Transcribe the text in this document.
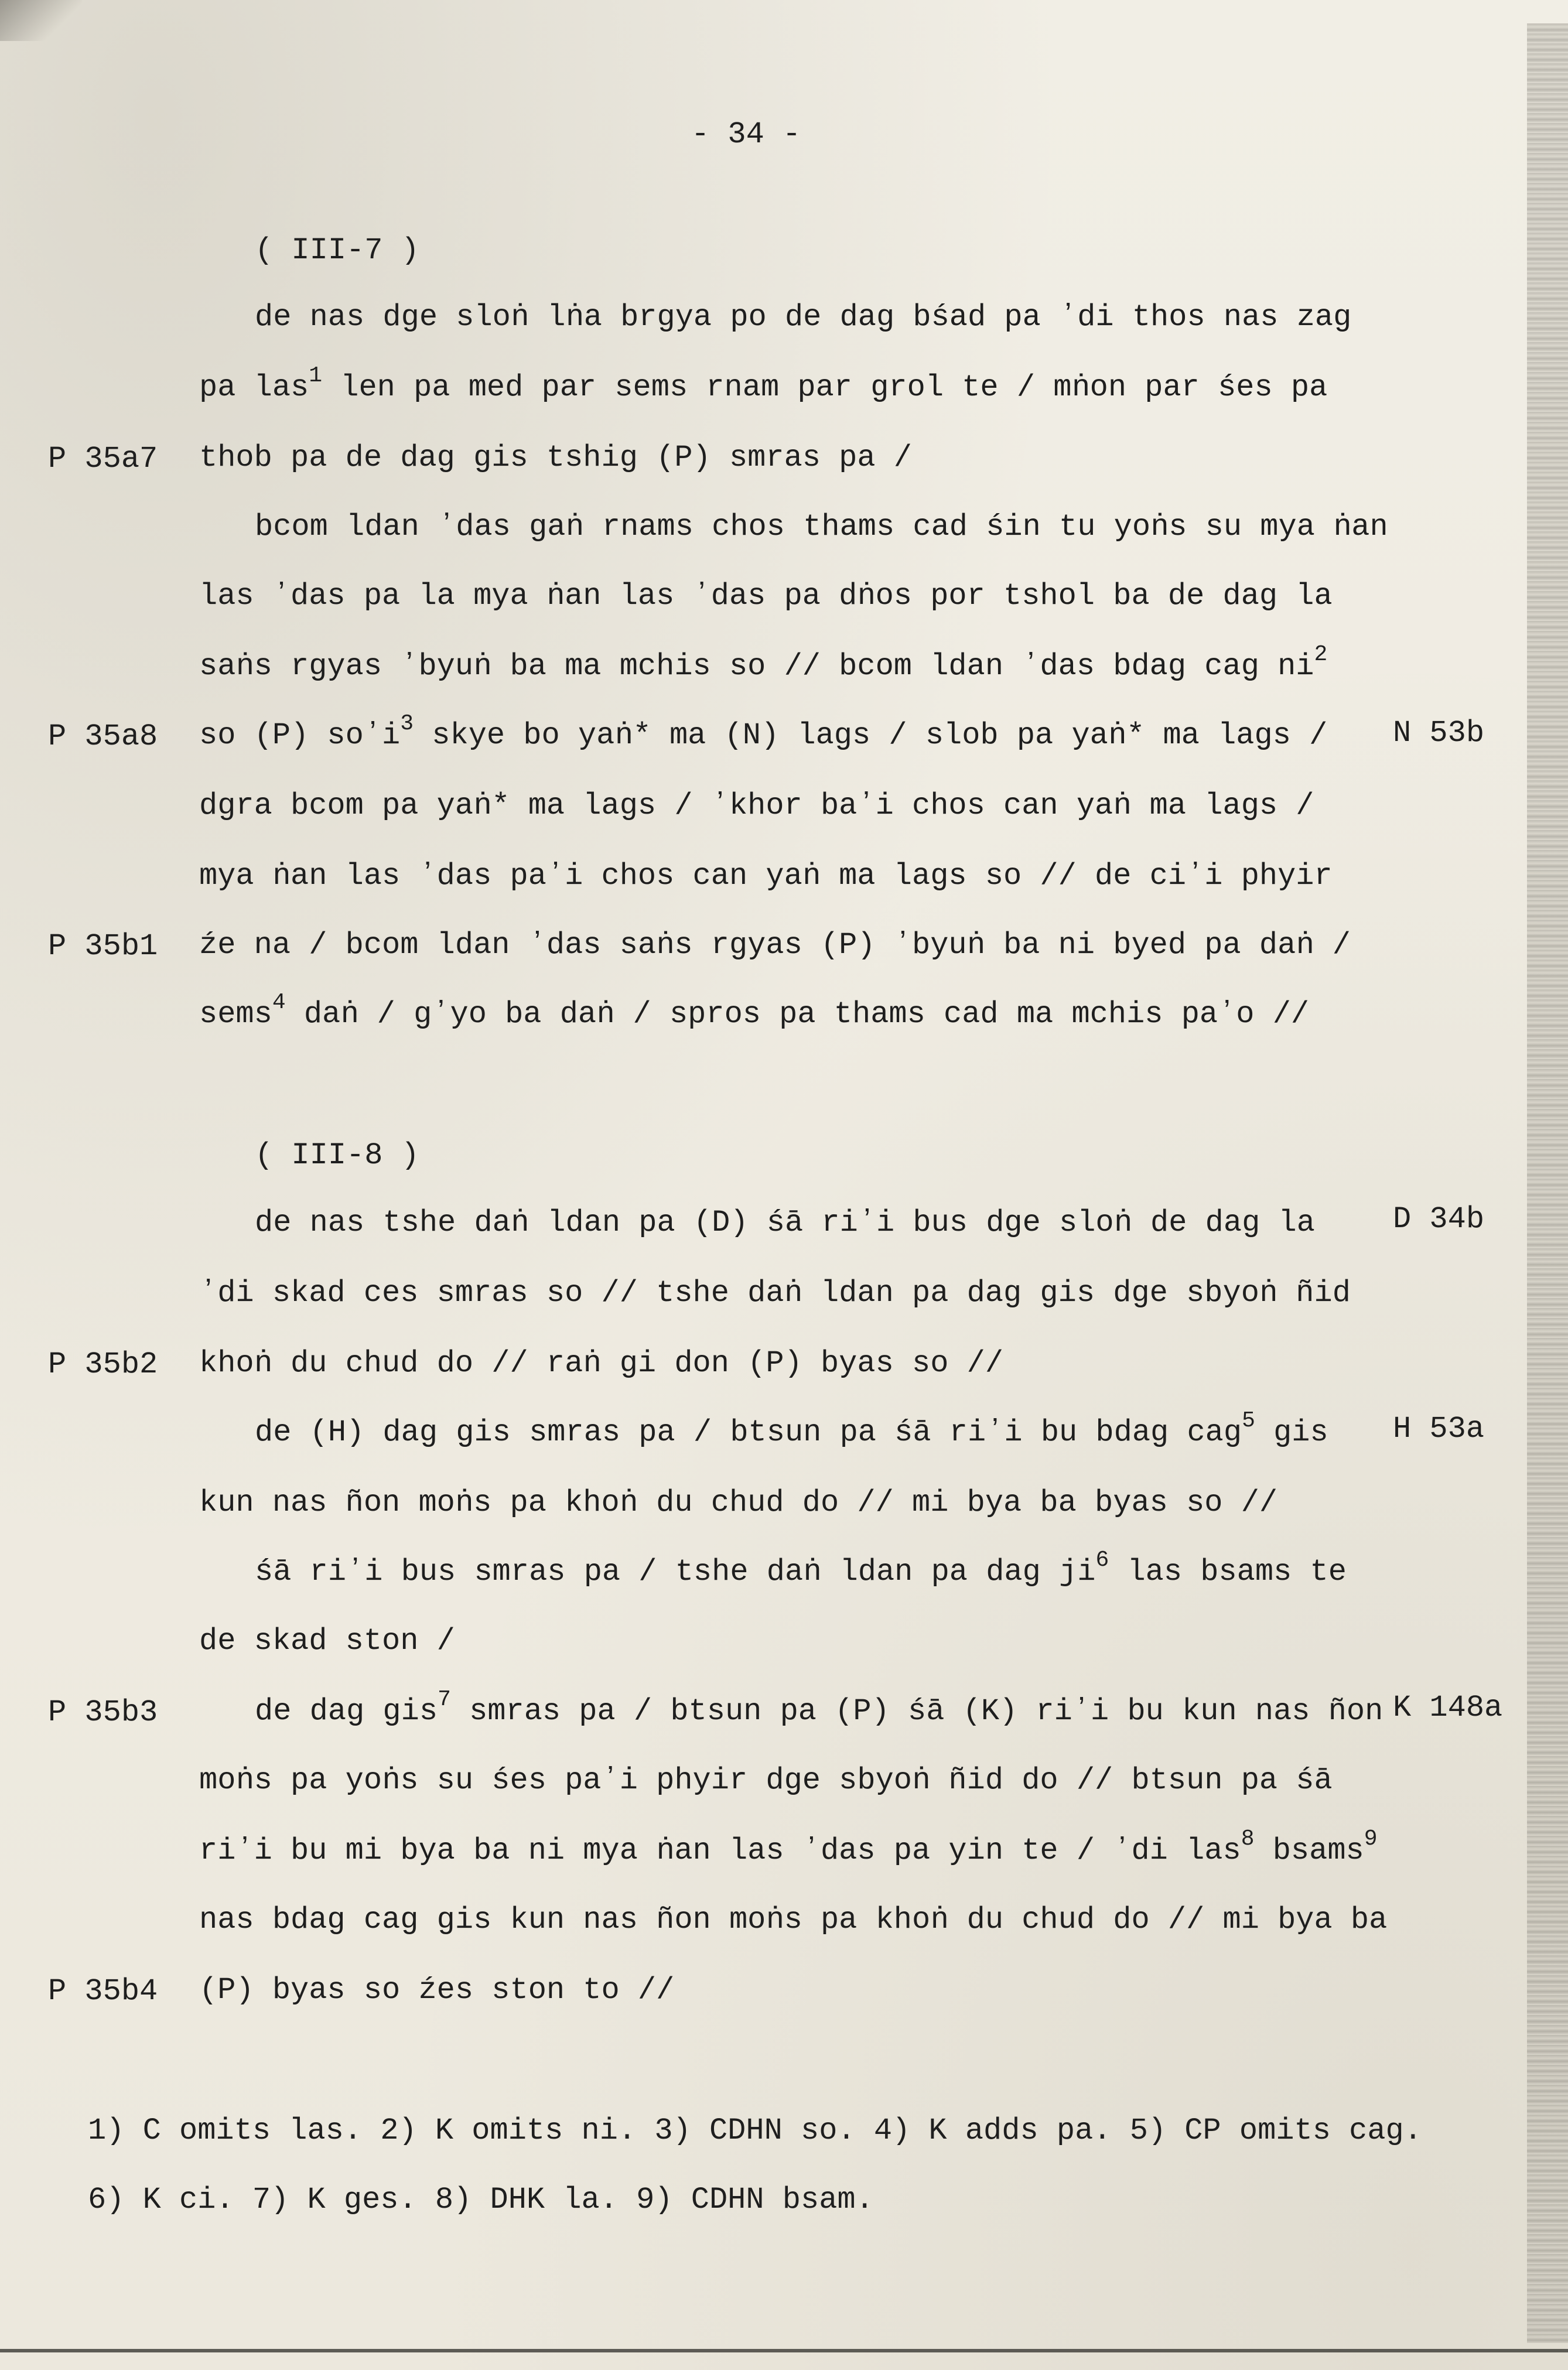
- 34 -
( III-7 )
de nas dge sloṅ lṅa brgya po de dag bśad pa ʼdi thos nas zag
pa las$^1$ len pa med par sems rnam par grol te / mṅon par śes pa
thob pa de dag gis tshig (P) smras pa /
bcom ldan ʼdas gaṅ rnams chos thams cad śin tu yoṅs su mya ṅan
las ʼdas pa la mya ṅan las ʼdas pa dṅos por tshol ba de dag la
saṅs rgyas ʼbyuṅ ba ma mchis so // bcom ldan ʼdas bdag cag $ni^2$
so (P) soʼi$^3$ skye bo yaṅ* ma (N) lags / slob pa yaṅ* ma lags /
dgra bcom pa yaṅ* ma lags / ʼkhor baʼi chos can yaṅ ma lags /
mya ṅan las ʼdas paʼi chos can yaṅ ma lags so // de ciʼi phyir
źe na / bcom ldan ʼdas saṅs rgyas (P) ʼbyuṅ ba ni byed pa daṅ /
sems$^4$ daṅ / gʼyo ba daṅ / spros pa thams cad ma mchis paʼo //
( III-8 )
de nas tshe daṅ ldan pa (D) śā riʼi bus dge sloṅ de dag la
ʼdi skad ces smras so // tshe daṅ ldan pa dag gis dge sbyoṅ ñid
khoṅ du chud do // raṅ gi don (P) byas so //
de (H) dag gis smras pa / btsun pa śā riʼi bu bdag cag$^5$ gis
kun nas ñon moṅs pa khoṅ du chud do // mi bya ba byas so //
śā riʼi bus smras pa / tshe daṅ ldan pa dag $ji^6$ las bsams te
de skad ston /
de dag gis$^7$ smras pa / btsun pa (P) śā (K) riʼi bu kun nas ñon
moṅs pa yoṅs su śes paʼi phyir dge sbyoṅ ñid do // btsun pa śā
riʼi bu mi bya ba ni mya ṅan las ʼdas pa yin te / ʼdi las$^8$ bsams$^9$
nas bdag cag gis kun nas ñon moṅs pa khoṅ du chud do // mi bya ba
(P) byas so źes ston to //
P 35a7
P 35a8
P 35b1
P 35b2
P 35b3
P 35b4
N 53b
D 34b
H 53a
K 148a
1) C omits las. 2) K omits ni. 3) CDHN so. 4) K adds pa. 5) CP omits cag.
6) K ci. 7) K ges. 8) DHK la. 9) CDHN bsam.
